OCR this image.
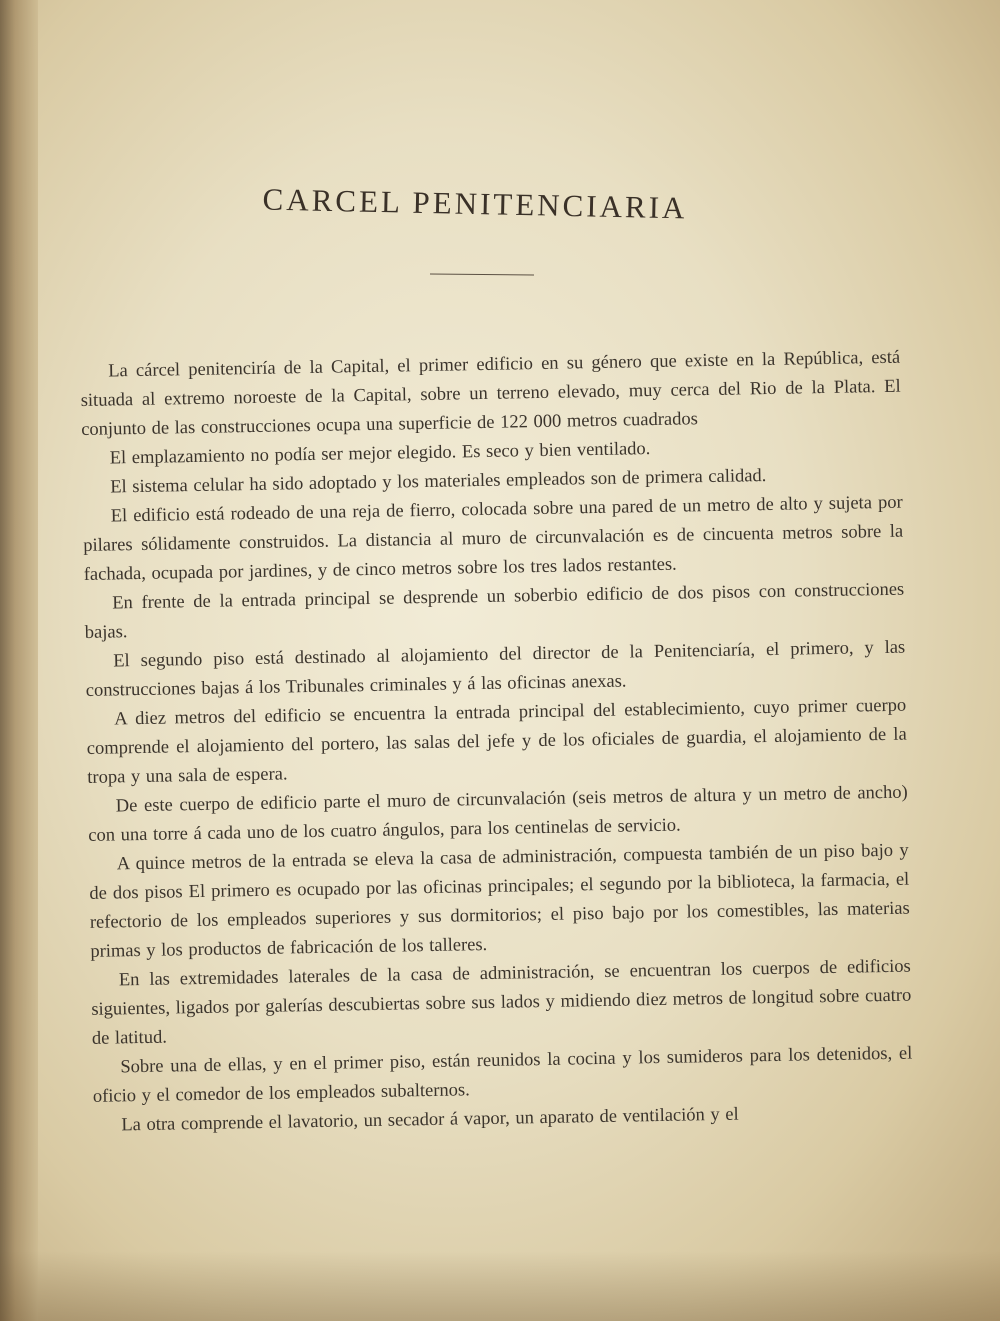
CARCEL PENITENCIARIA

La cárcel penitenciría de la Capital, el primer edificio en su género que existe en la República, está situada al extremo noroeste de la Capital, sobre un terreno elevado, muy cerca del Rio de la Plata. El conjunto de las construcciones ocupa una superficie de 122 000 metros cuadrados

El emplazamiento no podía ser mejor elegido. Es seco y bien ventilado.

El sistema celular ha sido adoptado y los materiales empleados son de primera calidad.

El edificio está rodeado de una reja de fierro, colocada sobre una pared de un metro de alto y sujeta por pilares sólidamente construidos. La distancia al muro de circunvalación es de cincuenta metros sobre la fachada, ocupada por jardines, y de cinco metros sobre los tres lados restantes.

En frente de la entrada principal se desprende un soberbio edificio de dos pisos con construcciones bajas.

El segundo piso está destinado al alojamiento del director de la Penitenciaría, el primero, y las construcciones bajas á los Tribunales criminales y á las oficinas anexas.

A diez metros del edificio se encuentra la entrada principal del establecimiento, cuyo primer cuerpo comprende el alojamiento del portero, las salas del jefe y de los oficiales de guardia, el alojamiento de la tropa y una sala de espera.

De este cuerpo de edificio parte el muro de circunvalación (seis metros de altura y un metro de ancho) con una torre á cada uno de los cuatro ángulos, para los centinelas de servicio.

A quince metros de la entrada se eleva la casa de administración, compuesta también de un piso bajo y de dos pisos El primero es ocupado por las oficinas principales; el segundo por la biblioteca, la farmacia, el refectorio de los empleados superiores y sus dormitorios; el piso bajo por los comestibles, las materias primas y los productos de fabricación de los talleres.

En las extremidades laterales de la casa de administración, se encuentran los cuerpos de edificios siguientes, ligados por galerías descubiertas sobre sus lados y midiendo diez metros de longitud sobre cuatro de latitud.

Sobre una de ellas, y en el primer piso, están reunidos la cocina y los sumideros para los detenidos, el oficio y el comedor de los empleados subalternos.

La otra comprende el lavatorio, un secador á vapor, un aparato de ventilación y el
